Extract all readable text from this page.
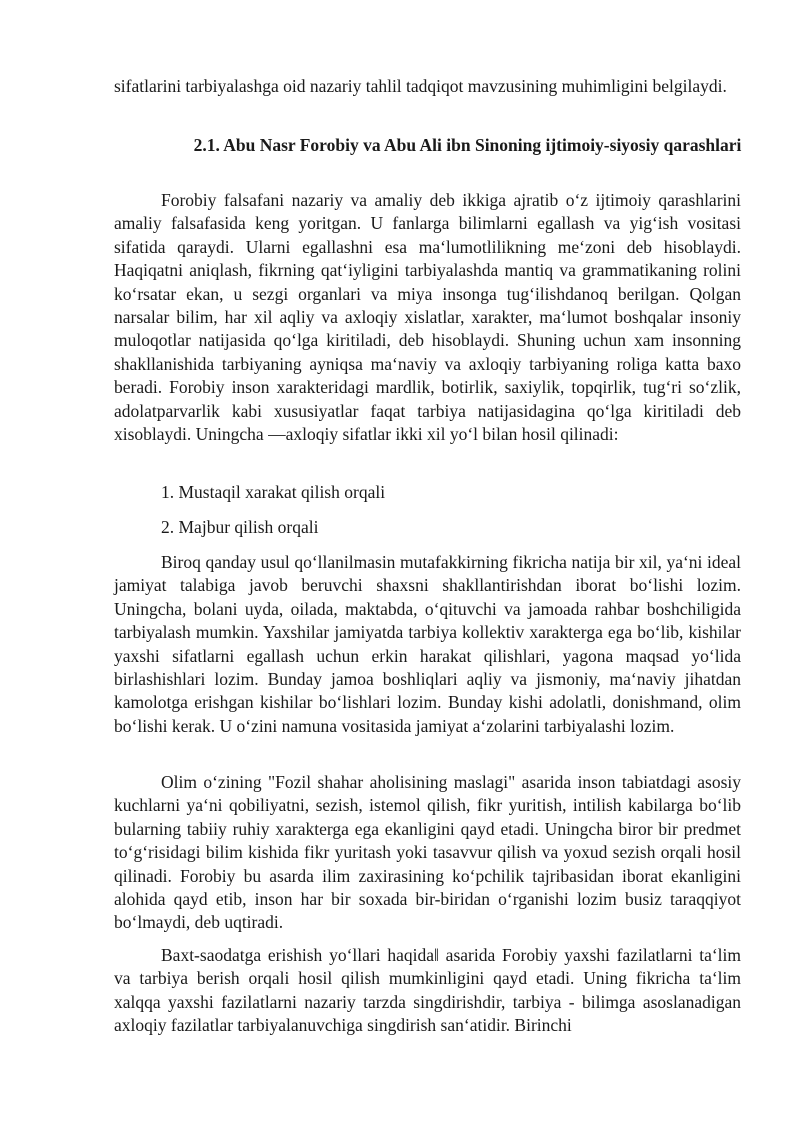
sifatlarini tarbiyalashga oid nazariy tahlil tadqiqot mavzusining muhimligini belgilaydi.

2.1. Abu Nasr Forobiy va Abu Ali ibn Sinoning ijtimoiy-siyosiy qarashlari

Forobiy falsafani nazariy va amaliy deb ikkiga ajratib o‘z ijtimoiy qarashlarini amaliy falsafasida keng yoritgan. U fanlarga bilimlarni egallash va yig‘ish vositasi sifatida qaraydi. Ularni egallashni esa ma‘lumotlilikning me‘zoni deb hisoblaydi. Haqiqatni aniqlash, fikrning qat‘iyligini tarbiyalashda mantiq va grammatikaning rolini ko‘rsatar ekan, u sezgi organlari va miya insonga tug‘ilishdanoq berilgan. Qolgan narsalar bilim, har xil aqliy va axloqiy xislatlar, xarakter, ma‘lumot boshqalar insoniy muloqotlar natijasida qo‘lga kiritiladi, deb hisoblaydi. Shuning uchun xam insonning shakllanishida tarbiyaning ayniqsa ma‘naviy va axloqiy tarbiyaning roliga katta baxo beradi. Forobiy inson xarakteridagi mardlik, botirlik, saxiylik, topqirlik, tug‘ri so‘zlik, adolatparvarlik kabi xususiyatlar faqat tarbiya natijasidagina qo‘lga kiritiladi deb xisoblaydi. Uningcha —axloqiy sifatlar ikki xil yo‘l bilan hosil qilinadi:

1. Mustaqil xarakat qilish orqali

2. Majbur qilish orqali

Biroq qanday usul qo‘llanilmasin mutafakkirning fikricha natija bir xil, ya‘ni ideal jamiyat talabiga javob beruvchi shaxsni shakllantirishdan iborat bo‘lishi lozim. Uningcha, bolani uyda, oilada, maktabda, o‘qituvchi va jamoada rahbar boshchiligida tarbiyalash mumkin. Yaxshilar jamiyatda tarbiya kollektiv xarakterga ega bo‘lib, kishilar yaxshi sifatlarni egallash uchun erkin harakat qilishlari, yagona maqsad yo‘lida birlashishlari lozim. Bunday jamoa boshliqlari aqliy va jismoniy, ma‘naviy jihatdan kamolotga erishgan kishilar bo‘lishlari lozim. Bunday kishi adolatli, donishmand, olim bo‘lishi kerak. U o‘zini namuna vositasida jamiyat a‘zolarini tarbiyalashi lozim.

Olim o‘zining "Fozil shahar aholisining maslagi" asarida inson tabiatdagi asosiy kuchlarni ya‘ni qobiliyatni, sezish, istemol qilish, fikr yuritish, intilish kabilarga bo‘lib bularning tabiiy ruhiy xarakterga ega ekanligini qayd etadi. Uningcha biror bir predmet to‘g‘risidagi bilim kishida fikr yuritash yoki tasavvur qilish va yoxud sezish orqali hosil qilinadi. Forobiy bu asarda ilim zaxirasining ko‘pchilik tajribasidan iborat ekanligini alohida qayd etib, inson har bir soxada bir-biridan o‘rganishi lozim busiz taraqqiyot bo‘lmaydi, deb uqtiradi.

Baxt-saodatga erishish yo‘llari haqida‖ asarida Forobiy yaxshi fazilatlarni ta‘lim va tarbiya berish orqali hosil qilish mumkinligini qayd etadi. Uning fikricha ta‘lim xalqqa yaxshi fazilatlarni nazariy tarzda singdirishdir, tarbiya - bilimga asoslanadigan axloqiy fazilatlar tarbiyalanuvchiga singdirish san‘atidir. Birinchi
